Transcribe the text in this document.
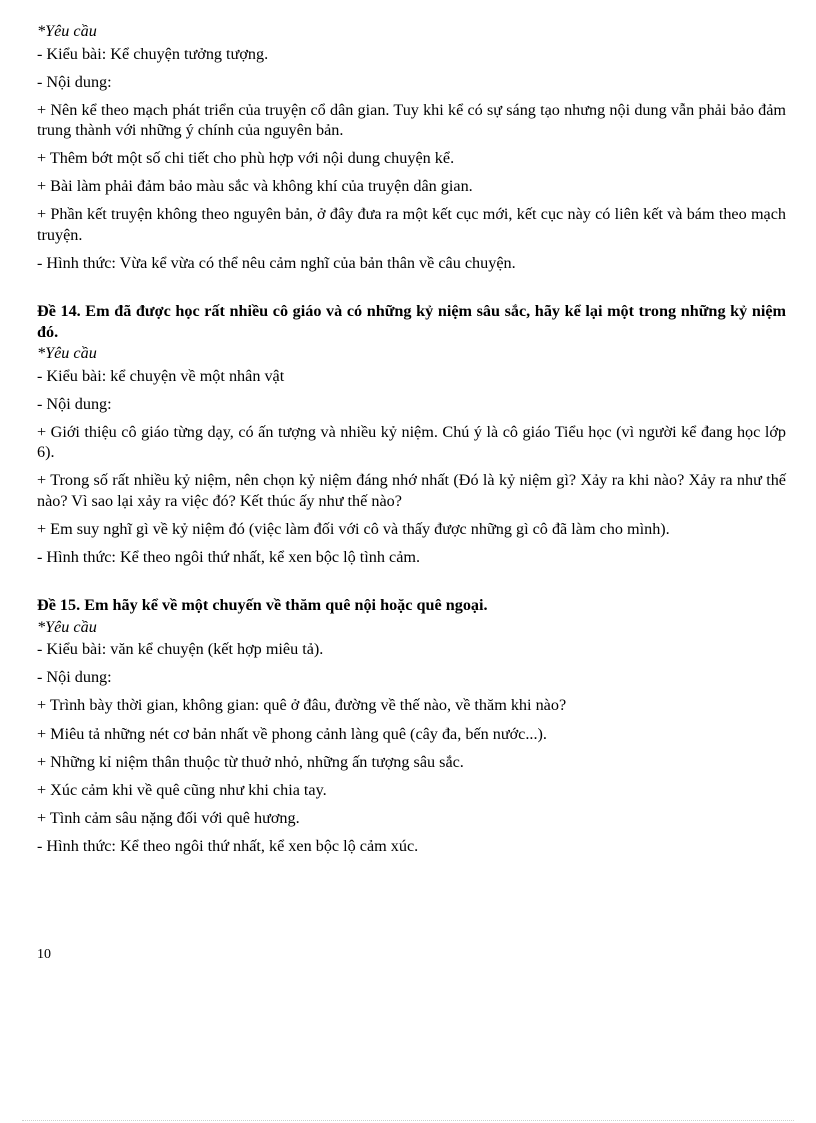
*Yêu cầu

- Kiểu bài: Kể chuyện tưởng tượng.

- Nội dung:

+ Nên kể theo mạch phát triển của truyện cổ dân gian. Tuy khi kể có sự sáng tạo nhưng nội dung vẫn phải bảo đảm trung thành với những ý chính của nguyên bản.

+ Thêm bớt một số chi tiết cho phù hợp với nội dung chuyện kể.

+ Bài làm phải đảm bảo màu sắc và không khí của truyện dân gian.

+ Phần kết truyện không theo nguyên bản, ở đây đưa ra một kết cục mới, kết cục này có liên kết và bám theo mạch truyện.

- Hình thức: Vừa kể vừa có thể nêu cảm nghĩ của bản thân về câu chuyện.

Đề 14. Em đã được học rất nhiều cô giáo và có những kỷ niệm sâu sắc, hãy kể lại một trong những kỷ niệm đó.

*Yêu cầu

- Kiểu bài: kể chuyện về một nhân vật

- Nội dung:

+ Giới thiệu cô giáo từng dạy, có ấn tượng và nhiều kỷ niệm. Chú ý là cô giáo Tiểu học (vì người kể đang học lớp 6).

+ Trong số rất nhiều kỷ niệm, nên chọn kỷ niệm đáng nhớ nhất (Đó là kỷ niệm gì? Xảy ra khi nào? Xảy ra như thế nào? Vì sao lại xảy ra việc đó? Kết thúc ấy như thế nào?

+ Em suy nghĩ gì về kỷ niệm đó (việc làm đối với cô và thấy được những gì cô đã làm cho mình).

- Hình thức: Kể theo ngôi thứ nhất, kể xen bộc lộ tình cảm.

Đề 15. Em hãy kể về một chuyến về thăm quê nội hoặc quê ngoại.

*Yêu cầu

- Kiểu bài: văn kể chuyện (kết hợp miêu tả).

- Nội dung:

+ Trình bày thời gian, không gian: quê ở đâu, đường về thế nào, về thăm khi nào?

+ Miêu tả những nét cơ bản nhất về phong cảnh làng quê (cây đa, bến nước...).

+ Những kỉ niệm thân thuộc từ thuở nhỏ, những ấn tượng sâu sắc.

+ Xúc cảm khi về quê cũng như khi chia tay.

+ Tình cảm sâu nặng đối với quê hương.

- Hình thức: Kể theo ngôi thứ nhất, kể xen bộc lộ cảm xúc.

10
